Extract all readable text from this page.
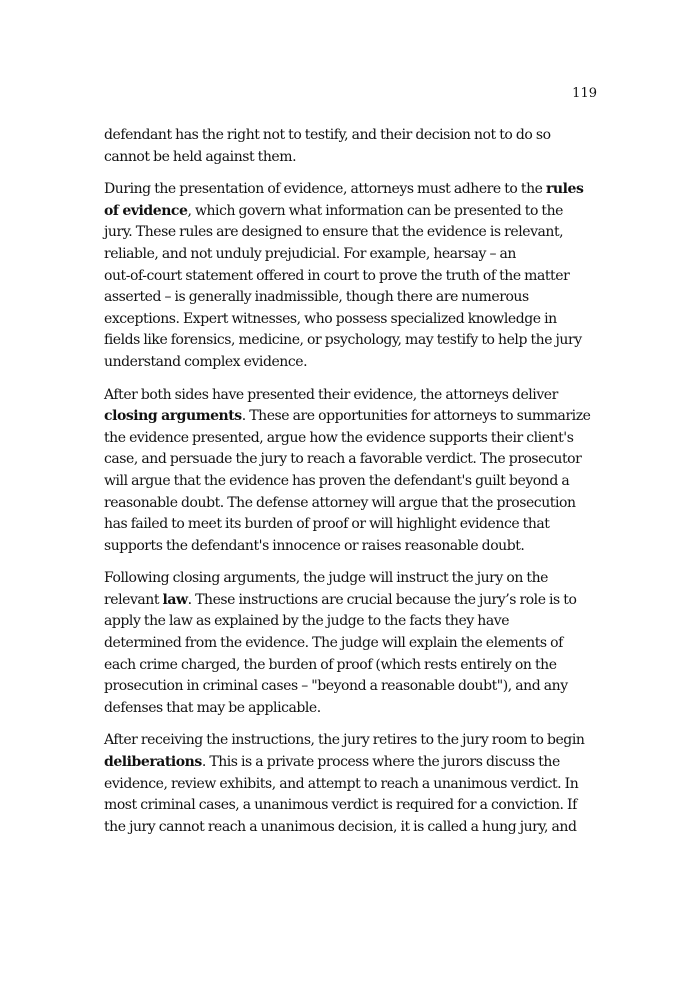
119

defendant has the right not to testify, and their decision not to do so
cannot be held against them.

During the presentation of evidence, attorneys must adhere to the rules
of evidence, which govern what information can be presented to the
jury. These rules are designed to ensure that the evidence is relevant,
reliable, and not unduly prejudicial. For example, hearsay – an
out-of-court statement offered in court to prove the truth of the matter
asserted – is generally inadmissible, though there are numerous
exceptions. Expert witnesses, who possess specialized knowledge in
fields like forensics, medicine, or psychology, may testify to help the jury
understand complex evidence.

After both sides have presented their evidence, the attorneys deliver
closing arguments. These are opportunities for attorneys to summarize
the evidence presented, argue how the evidence supports their client's
case, and persuade the jury to reach a favorable verdict. The prosecutor
will argue that the evidence has proven the defendant's guilt beyond a
reasonable doubt. The defense attorney will argue that the prosecution
has failed to meet its burden of proof or will highlight evidence that
supports the defendant's innocence or raises reasonable doubt.

Following closing arguments, the judge will instruct the jury on the
relevant law. These instructions are crucial because the jury’s role is to
apply the law as explained by the judge to the facts they have
determined from the evidence. The judge will explain the elements of
each crime charged, the burden of proof (which rests entirely on the
prosecution in criminal cases – "beyond a reasonable doubt"), and any
defenses that may be applicable.

After receiving the instructions, the jury retires to the jury room to begin
deliberations. This is a private process where the jurors discuss the
evidence, review exhibits, and attempt to reach a unanimous verdict. In
most criminal cases, a unanimous verdict is required for a conviction. If
the jury cannot reach a unanimous decision, it is called a hung jury, and
